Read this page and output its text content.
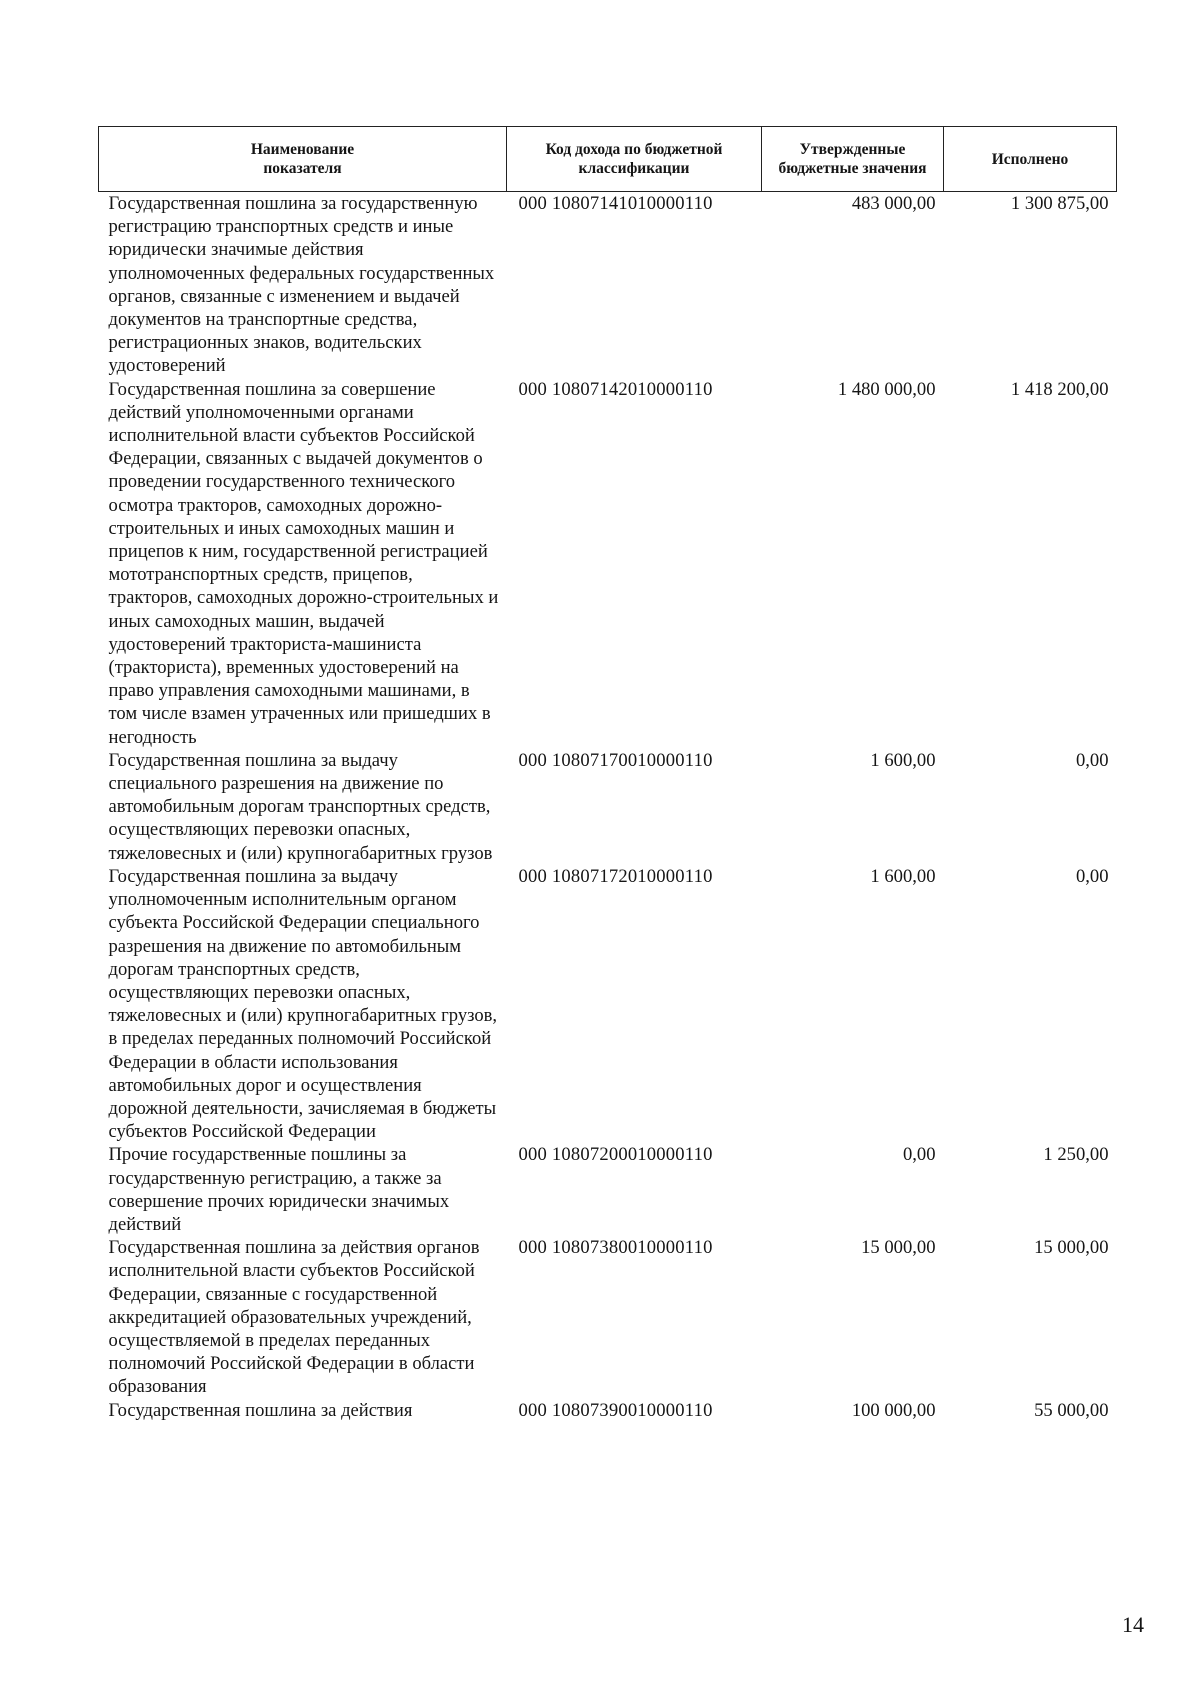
Наименование
показателя	Код дохода по бюджетной классификации	Утвержденные бюджетные значения	Исполнено
Государственная пошлина за государственную регистрацию транспортных средств и иные юридически значимые действия уполномоченных федеральных государственных органов, связанные с изменением и выдачей документов на транспортные средства, регистрационных знаков, водительских удостоверений	000 10807141010000110	483 000,00	1 300 875,00
Государственная пошлина за совершение действий уполномоченными органами исполнительной власти субъектов Российской Федерации, связанных с выдачей документов о проведении государственного технического осмотра тракторов, самоходных дорожно-строительных и иных самоходных машин и прицепов к ним, государственной регистрацией мототранспортных средств, прицепов, тракторов, самоходных дорожно-строительных и иных самоходных машин, выдачей удостоверений тракториста-машиниста (тракториста), временных удостоверений на право управления самоходными машинами, в том числе взамен утраченных или пришедших в негодность	000 10807142010000110	1 480 000,00	1 418 200,00
Государственная пошлина за выдачу специального разрешения на движение по автомобильным дорогам транспортных средств, осуществляющих перевозки опасных, тяжеловесных и (или) крупногабаритных грузов	000 10807170010000110	1 600,00	0,00
Государственная пошлина за выдачу уполномоченным исполнительным органом субъекта Российской Федерации специального разрешения на движение по автомобильным дорогам транспортных средств, осуществляющих перевозки опасных, тяжеловесных и (или) крупногабаритных грузов, в пределах переданных полномочий Российской Федерации в области использования автомобильных дорог и осуществления дорожной деятельности, зачисляемая в бюджеты субъектов Российской Федерации	000 10807172010000110	1 600,00	0,00
Прочие государственные пошлины за государственную регистрацию, а также за совершение прочих юридически значимых действий	000 10807200010000110	0,00	1 250,00
Государственная пошлина за действия органов исполнительной власти субъектов Российской Федерации, связанные с государственной аккредитацией образовательных учреждений, осуществляемой в пределах переданных полномочий Российской Федерации в области образования	000 10807380010000110	15 000,00	15 000,00
Государственная пошлина за действия	000 10807390010000110	100 000,00	55 000,00
14
